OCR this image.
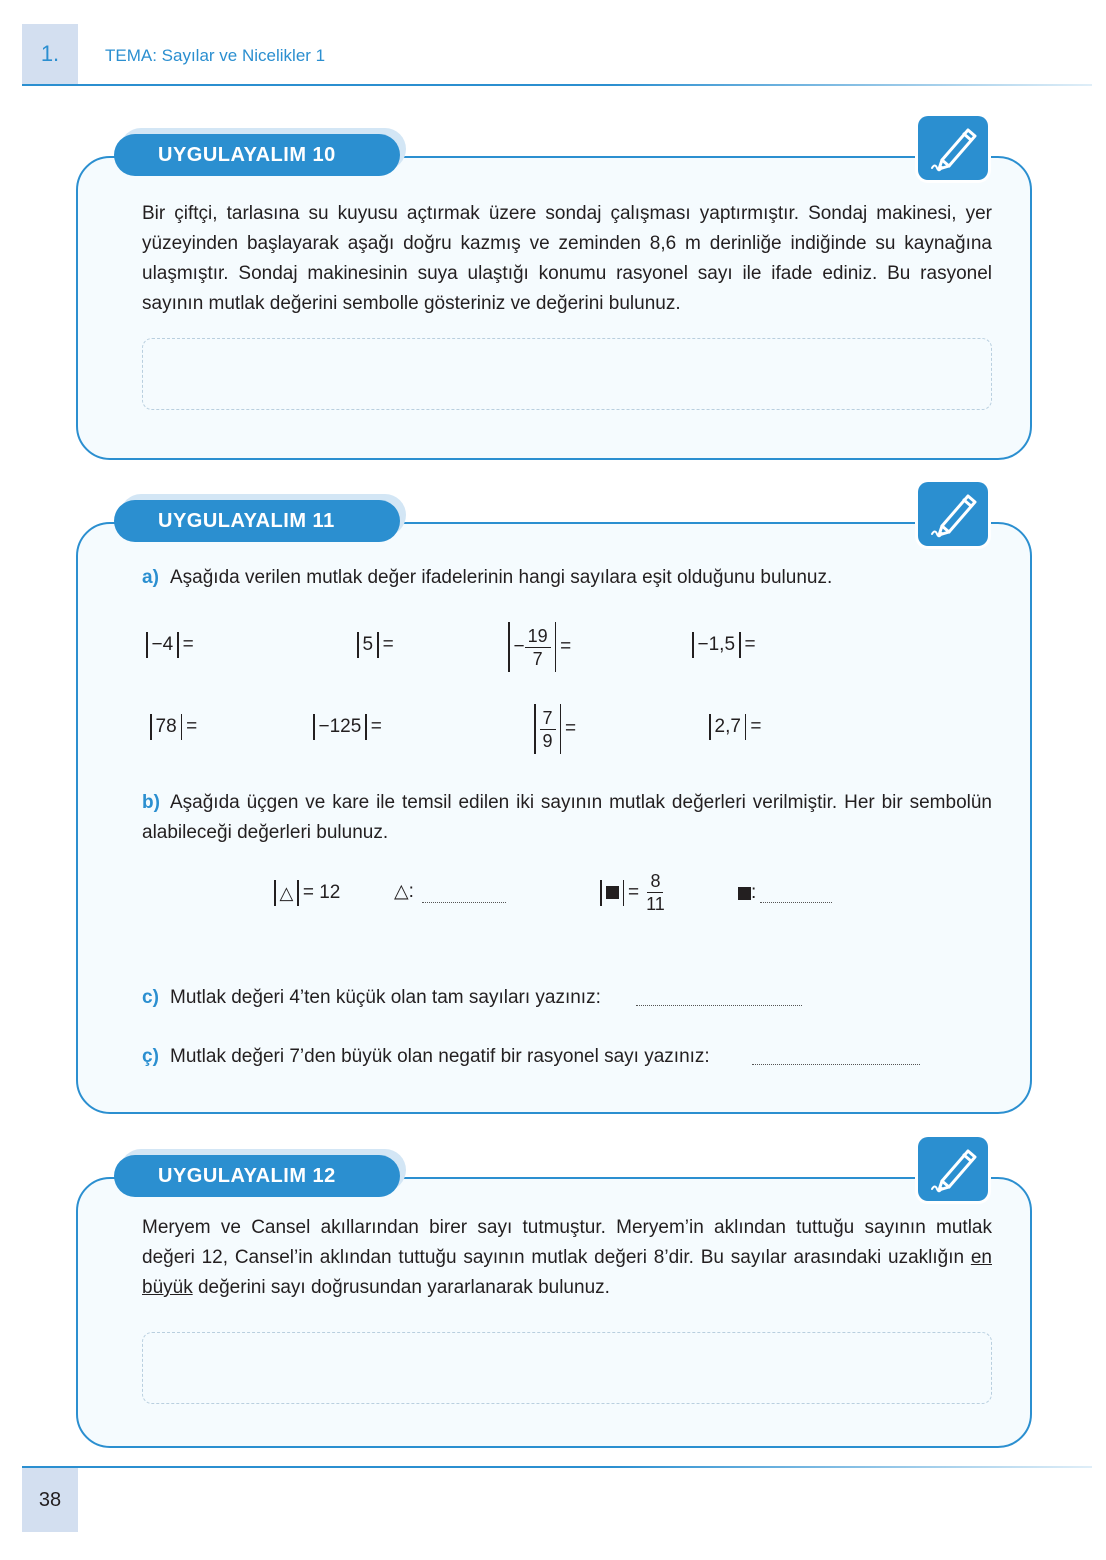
1.	TEMA: Sayılar ve Nicelikler 1
UYGULAYALIM 10
Bir çiftçi, tarlasına su kuyusu açtırmak üzere sondaj çalışması yaptırmıştır. Sondaj makinesi, yer yüzeyinden başlayarak aşağı doğru kazmış ve zeminden 8,6 m derinliğe indiğinde su kaynağına ulaşmıştır. Sondaj makinesinin suya ulaştığı konumu rasyonel sayı ile ifade ediniz. Bu rasyonel sayının mutlak değerini sembolle gösteriniz ve değerini bulunuz.
UYGULAYALIM 11
a) Aşağıda verilen mutlak değer ifadelerinin hangi sayılara eşit olduğunu bulunuz.
−4 =	5 =	− $\frac{19}{7}$ =	−1,5 =
78 =	−125 =	$\frac{7}{9}$ =	2,7 =
b) Aşağıda üçgen ve kare ile temsil edilen iki sayının mutlak değerleri verilmiştir. Her bir sembolün alabileceği değerleri bulunuz.
△ = 12	△:	= $\frac{8}{11}$	:
c) Mutlak değeri 4’ten küçük olan tam sayıları yazınız:
ç) Mutlak değeri 7’den büyük olan negatif bir rasyonel sayı yazınız:
UYGULAYALIM 12
Meryem ve Cansel akıllarından birer sayı tutmuştur. Meryem’in aklından tuttuğu sayının mutlak değeri 12, Cansel’in aklından tuttuğu sayının mutlak değeri 8’dir. Bu sayılar arasındaki uzaklığın en büyük değerini sayı doğrusundan yararlanarak bulunuz.
38
